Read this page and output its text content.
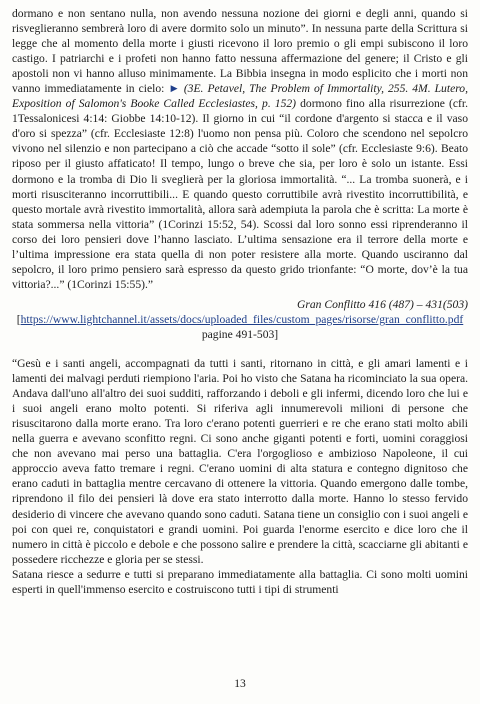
dormano e non sentano nulla, non avendo nessuna nozione dei giorni e degli anni, quando si risveglieranno sembrerà loro di avere dormito solo un minuto”. In nessuna parte della Scrittura si legge che al momento della morte i giusti ricevono il loro premio o gli empi subiscono il loro castigo. I patriarchi e i profeti non hanno fatto nessuna affermazione del genere; il Cristo e gli apostoli non vi hanno alluso minimamente. La Bibbia insegna in modo esplicito che i morti non vanno immediatamente in cielo: ► (3E. Petavel, The Problem of Immortality, 255. 4M. Lutero, Exposition of Salomon's Booke Called Ecclesiastes, p. 152) dormono fino alla risurrezione (cfr. 1Tessalonicesi 4:14: Giobbe 14:10-12). Il giorno in cui “il cordone d'argento si stacca e il vaso d'oro si spezza” (cfr. Ecclesiaste 12:8) l'uomo non pensa più. Coloro che scendono nel sepolcro vivono nel silenzio e non partecipano a ciò che accade “sotto il sole” (cfr. Ecclesiaste 9:6). Beato riposo per il giusto affaticato! Il tempo, lungo o breve che sia, per loro è solo un istante. Essi dormono e la tromba di Dio li sveglierà per la gloriosa immortalità. “... La tromba suonerà, e i morti risusciteranno incorruttibili... E quando questo corruttibile avrà rivestito incorruttibilità, e questo mortale avrà rivestito immortalità, allora sarà adempiuta la parola che è scritta: La morte è stata sommersa nella vittoria” (1Corinzi 15:52, 54). Scossi dal loro sonno essi riprenderanno il corso dei loro pensieri dove l’hanno lasciato. L’ultima sensazione era il terrore della morte e l’ultima impressione era stata quella di non poter resistere alla morte. Quando usciranno dal sepolcro, il loro primo pensiero sarà espresso da questo grido trionfante: “O morte, dov’è la tua vittoria?...” (1Corinzi 15:55).”

Gran Conflitto 416 (487) – 431(503)

[https://www.lightchannel.it/assets/docs/uploaded_files/custom_pages/risorse/gran_conflitto.pdf pagine 491-503]

“Gesù e i santi angeli, accompagnati da tutti i santi, ritornano in città, e gli amari lamenti e i lamenti dei malvagi perduti riempiono l'aria. Poi ho visto che Satana ha ricominciato la sua opera. Andava dall'uno all'altro dei suoi sudditi, rafforzando i deboli e gli infermi, dicendo loro che lui e i suoi angeli erano molto potenti. Si riferiva agli innumerevoli milioni di persone che risuscitarono dalla morte erano. Tra loro c'erano potenti guerrieri e re che erano stati molto abili nella guerra e avevano sconfitto regni. Ci sono anche giganti potenti e forti, uomini coraggiosi che non avevano mai perso una battaglia. C'era l'orgoglioso e ambizioso Napoleone, il cui approccio aveva fatto tremare i regni. C'erano uomini di alta statura e contegno dignitoso che erano caduti in battaglia mentre cercavano di ottenere la vittoria. Quando emergono dalle tombe, riprendono il filo dei pensieri là dove era stato interrotto dalla morte. Hanno lo stesso fervido desiderio di vincere che avevano quando sono caduti. Satana tiene un consiglio con i suoi angeli e poi con quei re, conquistatori e grandi uomini. Poi guarda l'enorme esercito e dice loro che il numero in città è piccolo e debole e che possono salire e prendere la città, scacciarne gli abitanti e possedere ricchezze e gloria per se stessi.

Satana riesce a sedurre e tutti si preparano immediatamente alla battaglia. Ci sono molti uomini esperti in quell'immenso esercito e costruiscono tutti i tipi di strumenti

13
